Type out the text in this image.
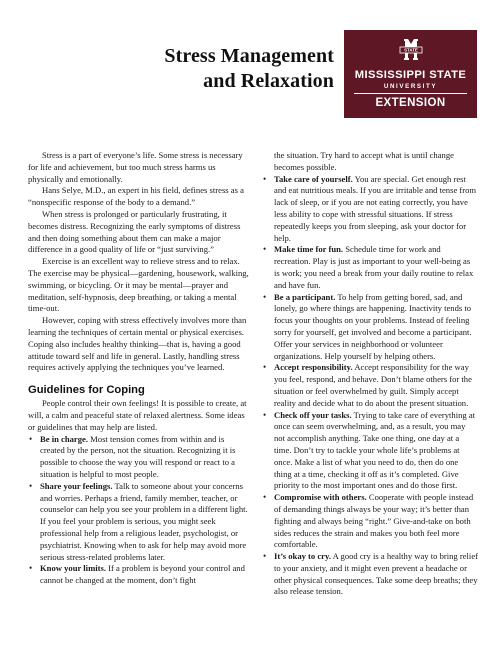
Stress Management
and Relaxation
STATE
MISSISSIPPI STATE
UNIVERSITY
EXTENSION

Stress is a part of everyone’s life. Some stress is necessary for life and achievement, but too much stress harms us physically and emotionally.

Hans Selye, M.D., an expert in his field, defines stress as a “nonspecific response of the body to a demand.”

When stress is prolonged or particularly frustrating, it becomes distress. Recognizing the early symptoms of distress and then doing something about them can make a major difference in a good quality of life or “just surviving.”

Exercise is an excellent way to relieve stress and to relax. The exercise may be physical—gardening, housework, walking, swimming, or bicycling. Or it may be mental—prayer and meditation, self-hypnosis, deep breathing, or taking a mental time-out.

However, coping with stress effectively involves more than learning the techniques of certain mental or physical exercises. Coping also includes healthy thinking—that is, having a good attitude toward self and life in general. Lastly, handling stress requires actively applying the techniques you’ve learned.

Guidelines for Coping

People control their own feelings! It is possible to create, at will, a calm and peaceful state of relaxed alertness. Some ideas or guidelines that may help are listed.

• Be in charge. Most tension comes from within and is created by the person, not the situation. Recognizing it is possible to choose the way you will respond or react to a situation is helpful to most people.
• Share your feelings. Talk to someone about your concerns and worries. Perhaps a friend, family member, teacher, or counselor can help you see your problem in a different light. If you feel your problem is serious, you might seek professional help from a religious leader, psychologist, or psychiatrist. Knowing when to ask for help may avoid more serious stress-related problems later.
• Know your limits. If a problem is beyond your control and cannot be changed at the moment, don’t fight

the situation. Try hard to accept what is until change becomes possible.

• Take care of yourself. You are special. Get enough rest and eat nutritious meals. If you are irritable and tense from lack of sleep, or if you are not eating correctly, you have less ability to cope with stressful situations. If stress repeatedly keeps you from sleeping, ask your doctor for help.
• Make time for fun. Schedule time for work and recreation. Play is just as important to your well-being as is work; you need a break from your daily routine to relax and have fun.
• Be a participant. To help from getting bored, sad, and lonely, go where things are happening. Inactivity tends to focus your thoughts on your problems. Instead of feeling sorry for yourself, get involved and become a participant. Offer your services in neighborhood or volunteer organizations. Help yourself by helping others.
• Accept responsibility. Accept responsibility for the way you feel, respond, and behave. Don’t blame others for the situation or feel overwhelmed by guilt. Simply accept reality and decide what to do about the present situation.
• Check off your tasks. Trying to take care of everything at once can seem overwhelming, and, as a result, you may not accomplish anything. Take one thing, one day at a time. Don’t try to tackle your whole life’s problems at once. Make a list of what you need to do, then do one thing at a time, checking it off as it’s completed. Give priority to the most important ones and do those first.
• Compromise with others. Cooperate with people instead of demanding things always be your way; it’s better than fighting and always being “right.” Give-and-take on both sides reduces the strain and makes you both feel more comfortable.
• It’s okay to cry. A good cry is a healthy way to bring relief to your anxiety, and it might even prevent a headache or other physical consequences. Take some deep breaths; they also release tension.
